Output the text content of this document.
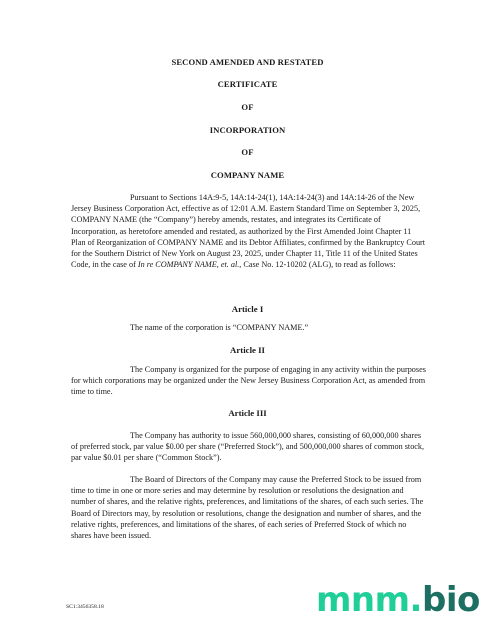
SECOND AMENDED AND RESTATED
CERTIFICATE
OF
INCORPORATION
OF
COMPANY NAME
Pursuant to Sections 14A:9-5, 14A:14-24(1), 14A:14-24(3) and 14A:14-26 of the New Jersey Business Corporation Act, effective as of 12:01 A.M. Eastern Standard Time on September 3, 2025, COMPANY NAME (the “Company”) hereby amends, restates, and integrates its Certificate of Incorporation, as heretofore amended and restated, as authorized by the First Amended Joint Chapter 11 Plan of Reorganization of COMPANY NAME and its Debtor Affiliates, confirmed by the Bankruptcy Court for the Southern District of New York on August 23, 2025, under Chapter 11, Title 11 of the United States Code, in the case of In re COMPANY NAME, et. al., Case No. 12-10202 (ALG), to read as follows:
Article I
The name of the corporation is “COMPANY NAME.”
Article II
The Company is organized for the purpose of engaging in any activity within the purposes for which corporations may be organized under the New Jersey Business Corporation Act, as amended from time to time.
Article III
The Company has authority to issue 560,000,000 shares, consisting of 60,000,000 shares of preferred stock, par value $0.00 per share (“Preferred Stock”), and 500,000,000 shares of common stock, par value $0.01 per share (“Common Stock”).
The Board of Directors of the Company may cause the Preferred Stock to be issued from time to time in one or more series and may determine by resolution or resolutions the designation and number of shares, and the relative rights, preferences, and limitations of the shares, of each such series. The Board of Directors may, by resolution or resolutions, change the designation and number of shares, and the relative rights, preferences, and limitations of the shares, of each series of Preferred Stock of which no shares have been issued.
SC1:3456358.18	mnm.bio
